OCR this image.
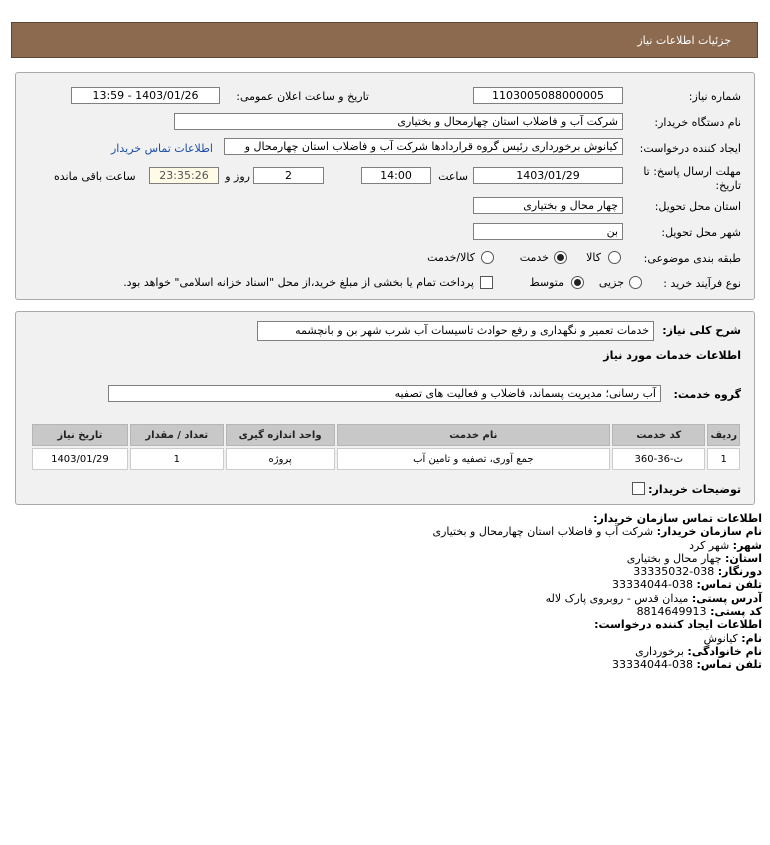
جزئیات اطلاعات نیاز
شماره نیاز:
1103005088000005
تاریخ و ساعت اعلان عمومی:
1403/01/26 - 13:59
نام دستگاه خریدار:
شرکت آب و فاضلاب استان چهارمحال و بختیاری
ایجاد کننده درخواست:
کیانوش برخورداری رئیس گروه قراردادها شرکت آب و فاضلاب استان چهارمحال و
اطلاعات تماس خریدار
مهلت ارسال پاسخ: تا
تاریخ:
1403/01/29
ساعت
14:00
2
روز و
23:35:26
ساعت باقی مانده
استان محل تحویل:
چهار محال و بختیاری
شهر محل تحویل:
بن
طبقه بندی موضوعی:
کالا
خدمت
کالا/خدمت
نوع فرآیند خرید :
جزیی
متوسط
پرداخت تمام یا بخشی از مبلغ خرید،از محل "اسناد خزانه اسلامی" خواهد بود.
شرح کلی نیاز:
خدمات تعمیر و نگهداری و رفع حوادث تاسیسات آب شرب شهر بن و بانچشمه
اطلاعات خدمات مورد نیاز
گروه خدمت:
آب رسانی؛ مدیریت پسماند، فاضلاب و فعالیت های تصفیه
ردیف	کد خدمت	نام خدمت	واحد اندازه گیری	تعداد / مقدار	تاریخ نیاز
1	ث-36-360	جمع آوری، تصفیه و تامین آب	پروژه	1	1403/01/29
توضیحات خریدار:
اطلاعات تماس سازمان خریدار:
نام سازمان خریدار: شرکت آب و فاضلاب استان چهارمحال و بختیاری
شهر: شهر کرد
استان: چهار محال و بختیاری
دورنگار: 038-33335032
تلفن تماس: 038-33334044
آدرس پستی: میدان قدس - روبروی پارک لاله
کد پستی: 8814649913
اطلاعات ایجاد کننده درخواست:
نام: کیانوش
نام خانوادگی: برخورداری
تلفن تماس: 038-33334044
